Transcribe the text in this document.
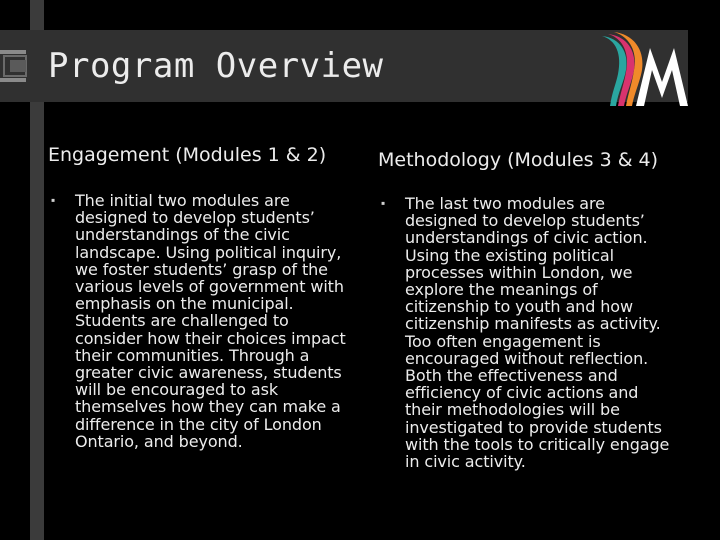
Program Overview
Engagement (Modules 1 & 2)
▪ The initial two modules are designed to develop students’ understandings of the civic landscape. Using political inquiry, we foster students’ grasp of the various levels of government with emphasis on the municipal. Students are challenged to consider how their choices impact their communities. Through a greater civic awareness, students will be encouraged to ask themselves how they can make a difference in the city of London Ontario, and beyond.

Methodology (Modules 3 & 4)
▪ The last two modules are designed to develop students’ understandings of civic action. Using the existing political processes within London, we explore the meanings of citizenship to youth and how citizenship manifests as activity. Too often engagement is encouraged without reflection. Both the effectiveness and efficiency of civic actions and their methodologies will be investigated to provide students with the tools to critically engage in civic activity.
